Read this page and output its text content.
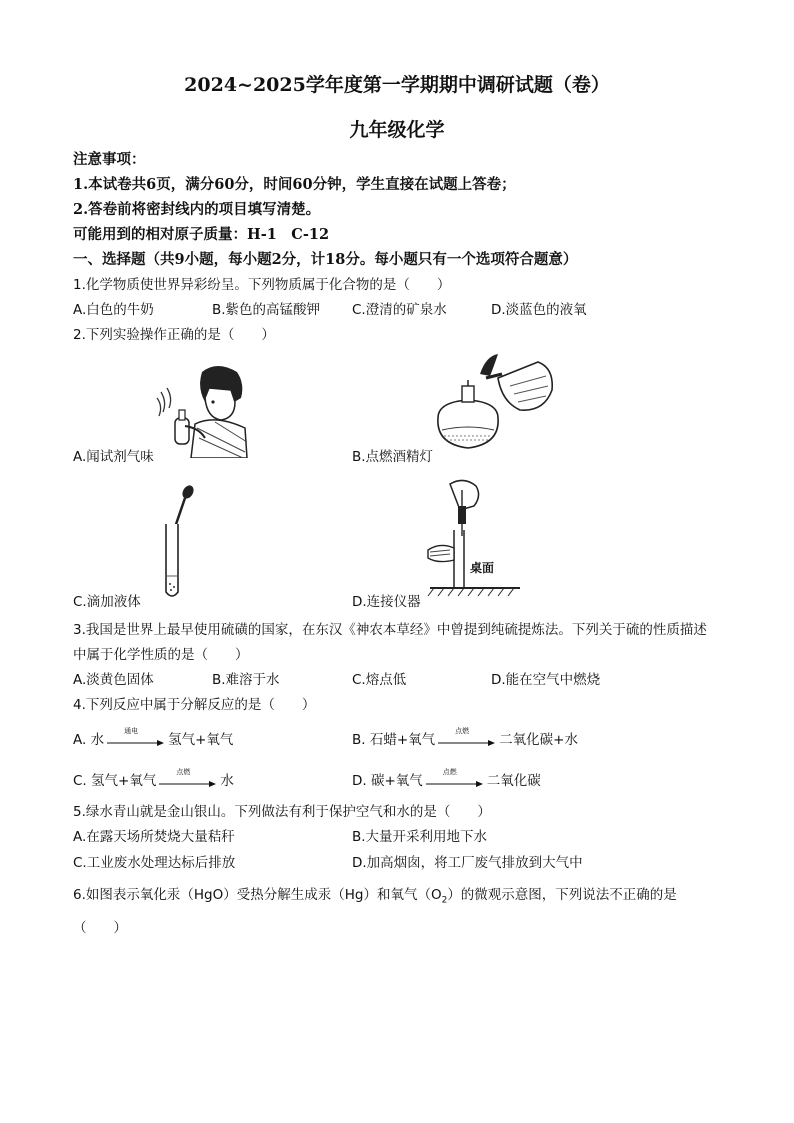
2024~2025学年度第一学期期中调研试题（卷）
九年级化学
注意事项：
1.本试卷共6页，满分60分，时间60分钟，学生直接在试题上答卷；
2.答卷前将密封线内的项目填写清楚。
可能用到的相对原子质量：H-1　C-12
一、选择题（共9小题，每小题2分，计18分。每小题只有一个选项符合题意）
1.化学物质使世界异彩纷呈。下列物质属于化合物的是（　　）
A.白色的牛奶	B.紫色的高锰酸钾 C.澄清的矿泉水	D.淡蓝色的液氧
2.下列实验操作正确的是（　　）
A.闻试剂气味	B.点燃酒精灯
C.滴加液体
桌面
D.连接仪器
3.我国是世界上最早使用硫磺的国家，在东汉《神农本草经》中曾提到纯硫提炼法。下列关于硫的性质描述
中属于化学性质的是（　　）
A.淡黄色固体	B.难溶于水	C.熔点低	D.能在空气中燃烧
4.下列反应中属于分解反应的是（　　）
A. 水
通电
氢气+氧气	B. 石蜡+氧气
点燃
二氧化碳+水
C. 氢气+氧气
点燃
水	D. 碳+氧气
点燃
二氧化碳
5.绿水青山就是金山银山。下列做法有利于保护空气和水的是（　　）
A.在露天场所焚烧大量秸秆	B.大量开采利用地下水
C.工业废水处理达标后排放	D.加高烟囱，将工厂废气排放到大气中
6.如图表示氧化汞（HgO）受热分解生成汞（Hg）和氧气$(O_2)$的微观示意图，下列说法不正确的是
（　　）
